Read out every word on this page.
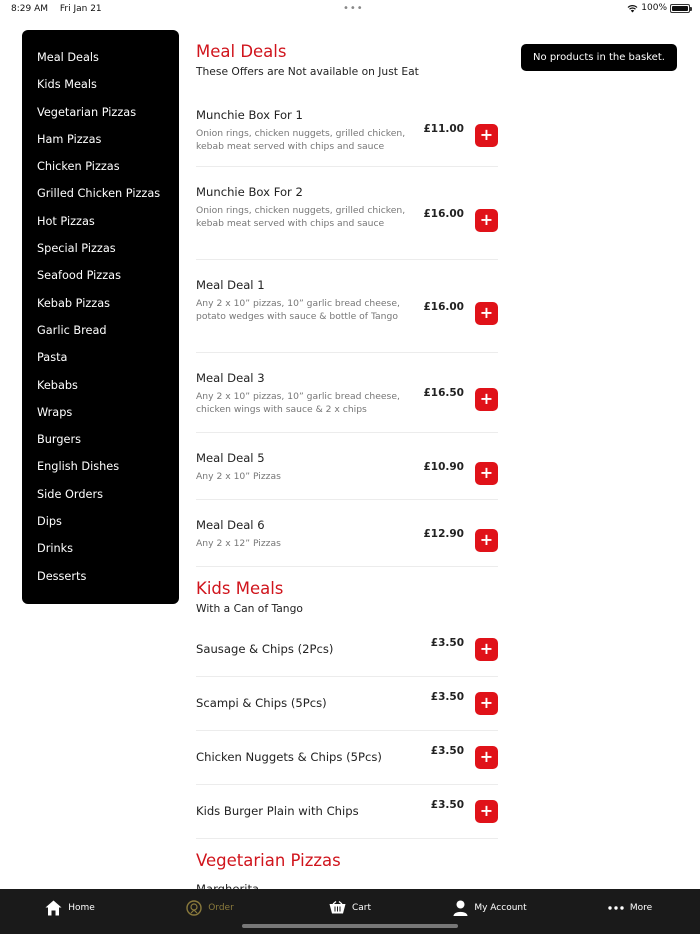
8:29 AM Fri Jan 21	•••	100%
Meal Deals
Kids Meals
Vegetarian Pizzas
Ham Pizzas
Chicken Pizzas
Grilled Chicken Pizzas
Hot Pizzas
Special Pizzas
Seafood Pizzas
Kebab Pizzas
Garlic Bread
Pasta
Kebabs
Wraps
Burgers
English Dishes
Side Orders
Dips
Drinks
Desserts
No products in the basket.
Meal Deals
These Offers are Not available on Just Eat
Munchie Box For 1
Onion rings, chicken nuggets, grilled chicken, kebab meat served with chips and sauce
£11.00 +
Munchie Box For 2
Onion rings, chicken nuggets, grilled chicken, kebab meat served with chips and sauce
£16.00 +
Meal Deal 1
Any 2 x 10” pizzas, 10” garlic bread cheese, potato wedges with sauce & bottle of Tango
£16.00 +
Meal Deal 3
Any 2 x 10” pizzas, 10” garlic bread cheese, chicken wings with sauce & 2 x chips
£16.50 +
Meal Deal 5
Any 2 x 10” Pizzas
£10.90 +
Meal Deal 6
Any 2 x 12” Pizzas
£12.90 +
Kids Meals
With a Can of Tango
Sausage & Chips (2Pcs)	£3.50 +
Scampi & Chips (5Pcs)	£3.50 +
Chicken Nuggets & Chips (5Pcs)	£3.50 +
Kids Burger Plain with Chips	£3.50 +
Vegetarian Pizzas
Home	Order	Cart	My Account	More
